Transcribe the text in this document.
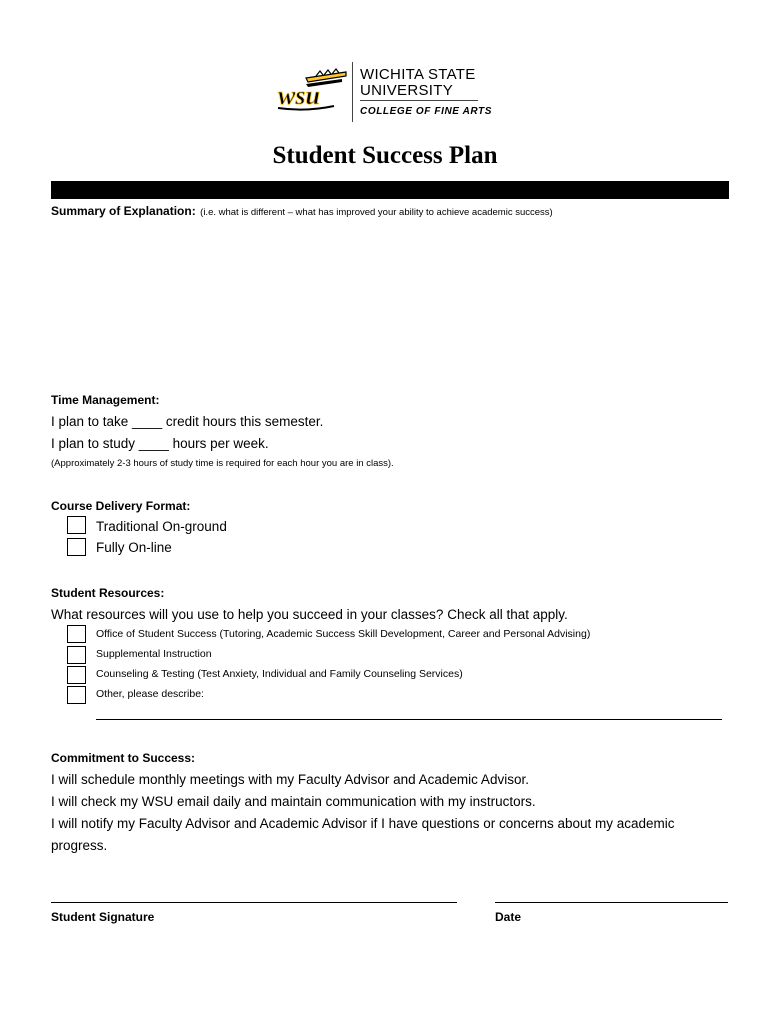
wsu
WICHITA STATE
UNIVERSITY
COLLEGE OF FINE ARTS
Student Success Plan
Summary of Explanation: (i.e. what is different – what has improved your ability to achieve academic success)
Time Management:
I plan to take ____ credit hours this semester.
I plan to study ____ hours per week.
(Approximately 2-3 hours of study time is required for each hour you are in class).
Course Delivery Format:
Traditional On-ground
Fully On-line
Student Resources:
What resources will you use to help you succeed in your classes? Check all that apply.
Office of Student Success (Tutoring, Academic Success Skill Development, Career and Personal Advising)
Supplemental Instruction
Counseling & Testing (Test Anxiety, Individual and Family Counseling Services)
Other, please describe:
Commitment to Success:
I will schedule monthly meetings with my Faculty Advisor and Academic Advisor.
I will check my WSU email daily and maintain communication with my instructors.
I will notify my Faculty Advisor and Academic Advisor if I have questions or concerns about my academic
progress.
Student Signature	Date
